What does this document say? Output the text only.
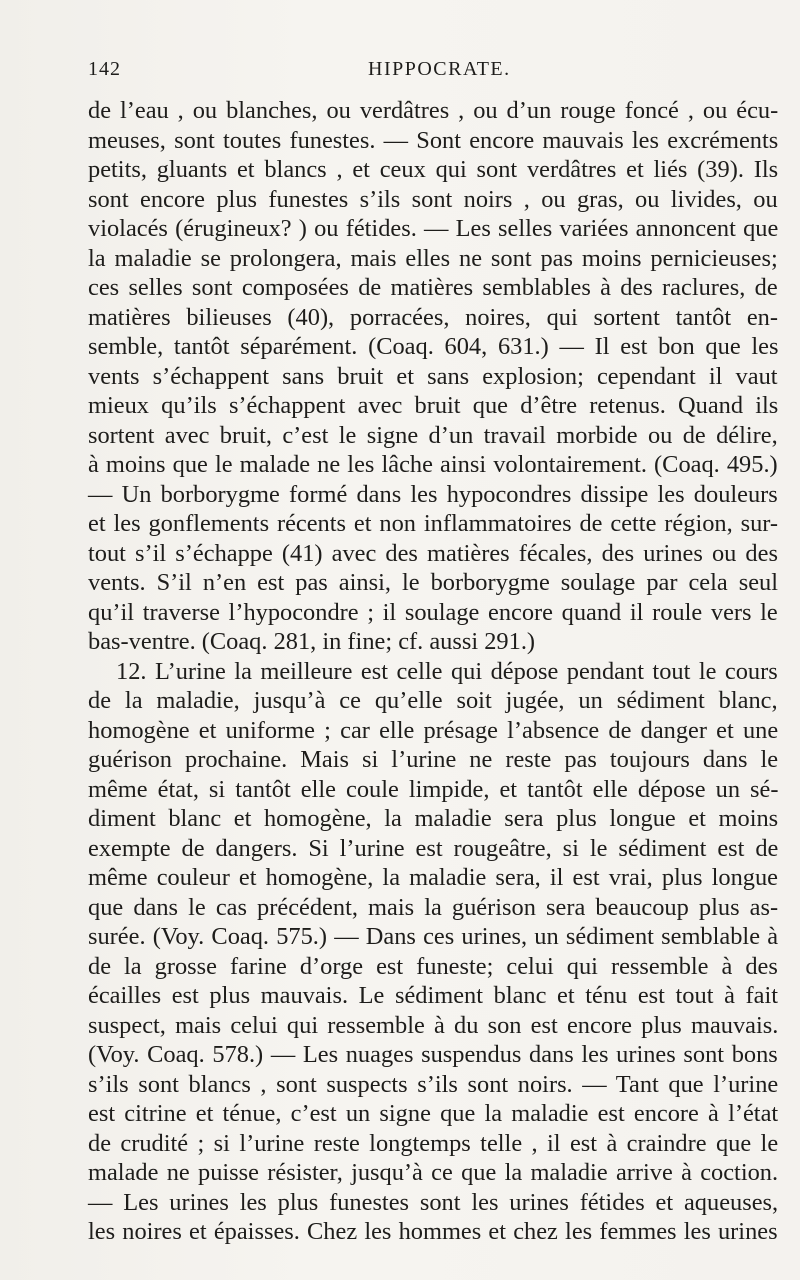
142	HIPPOCRATE.
de l’eau , ou blanches, ou verdâtres , ou d’un rouge foncé , ou écu-
meuses, sont toutes funestes. — Sont encore mauvais les excréments
petits, gluants et blancs , et ceux qui sont verdâtres et liés (39). Ils
sont encore plus funestes s’ils sont noirs , ou gras, ou livides, ou
violacés (érugineux? ) ou fétides. — Les selles variées annoncent que
la maladie se prolongera, mais elles ne sont pas moins pernicieuses;
ces selles sont composées de matières semblables à des raclures, de
matières bilieuses (40), porracées, noires, qui sortent tantôt en-
semble, tantôt séparément. (Coaq. 604, 631.) — Il est bon que les
vents s’échappent sans bruit et sans explosion; cependant il vaut
mieux qu’ils s’échappent avec bruit que d’être retenus. Quand ils
sortent avec bruit, c’est le signe d’un travail morbide ou de délire,
à moins que le malade ne les lâche ainsi volontairement. (Coaq. 495.)
— Un borborygme formé dans les hypocondres dissipe les douleurs
et les gonflements récents et non inflammatoires de cette région, sur-
tout s’il s’échappe (41) avec des matières fécales, des urines ou des
vents. S’il n’en est pas ainsi, le borborygme soulage par cela seul
qu’il traverse l’hypocondre ; il soulage encore quand il roule vers le
bas-ventre. (Coaq. 281, in fine; cf. aussi 291.)
12. L’urine la meilleure est celle qui dépose pendant tout le cours
de la maladie, jusqu’à ce qu’elle soit jugée, un sédiment blanc,
homogène et uniforme ; car elle présage l’absence de danger et une
guérison prochaine. Mais si l’urine ne reste pas toujours dans le
même état, si tantôt elle coule limpide, et tantôt elle dépose un sé-
diment blanc et homogène, la maladie sera plus longue et moins
exempte de dangers. Si l’urine est rougeâtre, si le sédiment est de
même couleur et homogène, la maladie sera, il est vrai, plus longue
que dans le cas précédent, mais la guérison sera beaucoup plus as-
surée. (Voy. Coaq. 575.) — Dans ces urines, un sédiment semblable à
de la grosse farine d’orge est funeste; celui qui ressemble à des
écailles est plus mauvais. Le sédiment blanc et ténu est tout à fait
suspect, mais celui qui ressemble à du son est encore plus mauvais.
(Voy. Coaq. 578.) — Les nuages suspendus dans les urines sont bons
s’ils sont blancs , sont suspects s’ils sont noirs. — Tant que l’urine
est citrine et ténue, c’est un signe que la maladie est encore à l’état
de crudité ; si l’urine reste longtemps telle , il est à craindre que le
malade ne puisse résister, jusqu’à ce que la maladie arrive à coction.
— Les urines les plus funestes sont les urines fétides et aqueuses,
les noires et épaisses. Chez les hommes et chez les femmes les urines
